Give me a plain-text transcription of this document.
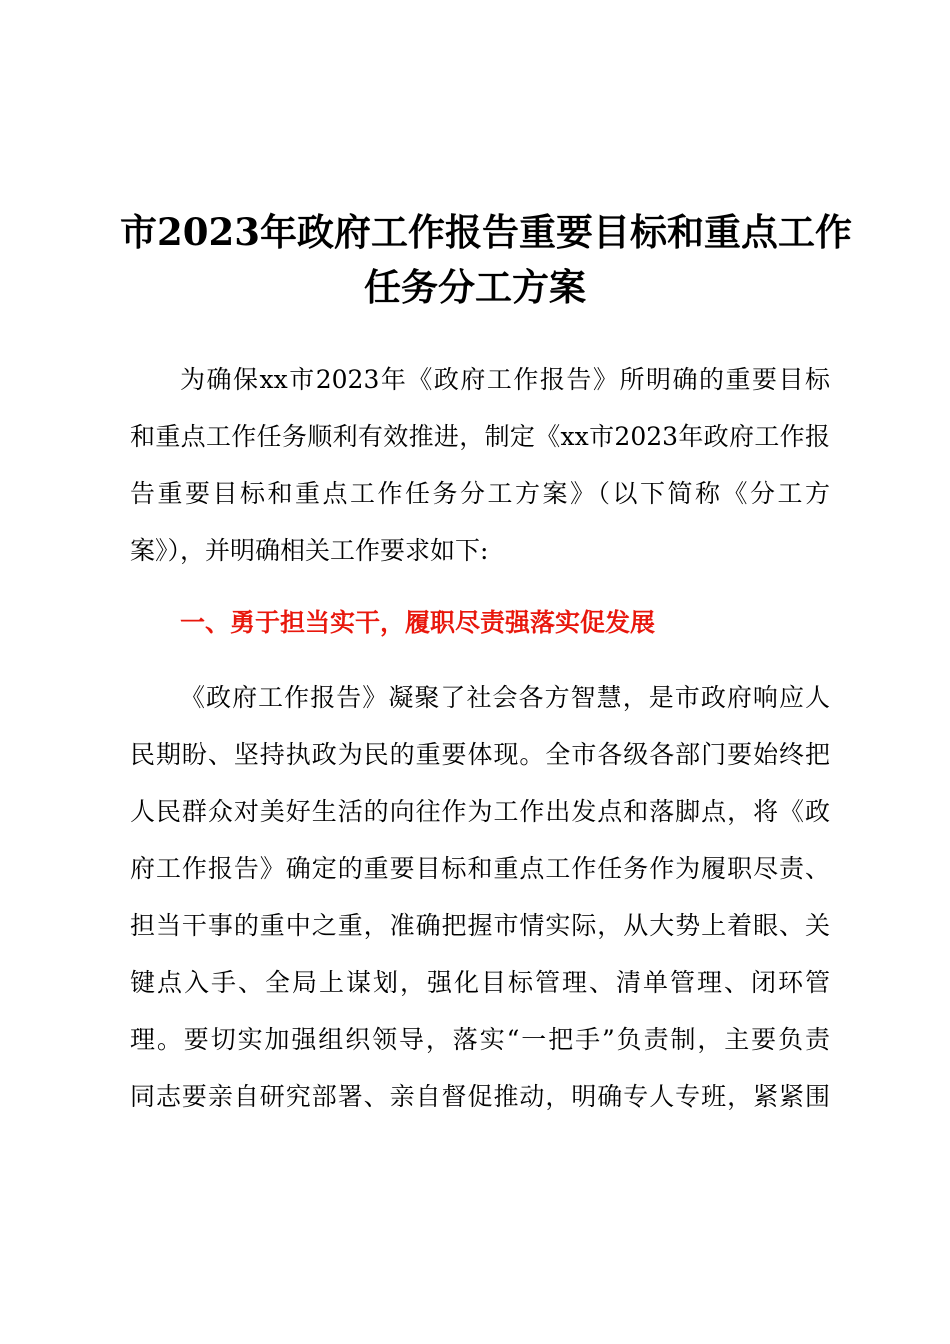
市2023年政府工作报告重要目标和重点工作
任务分工方案
为确保xx市2023年《政府工作报告》所明确的重要目标
和重点工作任务顺利有效推进，制定《xx市2023年政府工作报
告重要目标和重点工作任务分工方案》（以下简称《分工方
案》），并明确相关工作要求如下:
一、勇于担当实干，履职尽责强落实促发展
《政府工作报告》凝聚了社会各方智慧，是市政府响应人
民期盼、坚持执政为民的重要体现。全市各级各部门要始终把
人民群众对美好生活的向往作为工作出发点和落脚点，将《政
府工作报告》确定的重要目标和重点工作任务作为履职尽责、
担当干事的重中之重，准确把握市情实际，从大势上着眼、关
键点入手、全局上谋划，强化目标管理、清单管理、闭环管
理。要切实加强组织领导，落实“一把手”负责制，主要负责
同志要亲自研究部署、亲自督促推动，明确专人专班，紧紧围
